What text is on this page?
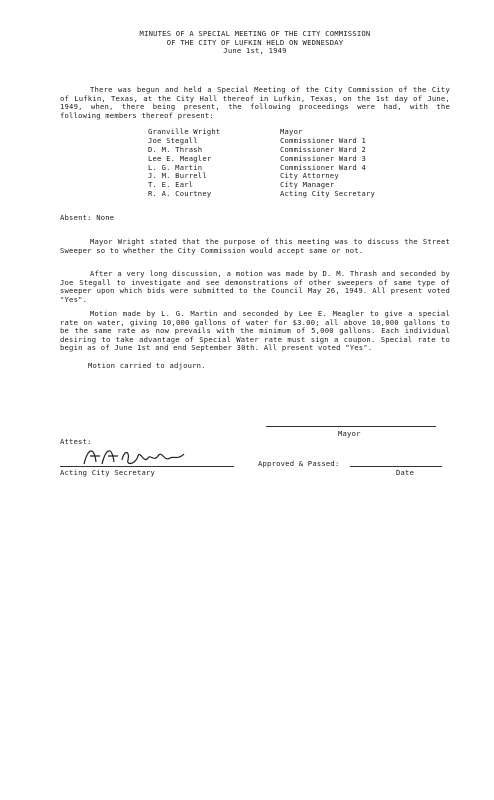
MINUTES OF A SPECIAL MEETING OF THE CITY COMMISSION
OF THE CITY OF LUFKIN HELD ON WEDNESDAY
June 1st, 1949
There was begun and held a Special Meeting of the City Commission of the City of Lufkin, Texas, at the City Hall thereof in Lufkin, Texas, on the 1st day of June, 1949, when, there being present, the following proceedings were had, with the following members thereof present:
Granville Wright	Mayor
Joe Stegall	Commissioner Ward 1
D. M. Thrash	Commissioner Ward 2
Lee E. Meagler	Commissioner Ward 3
L. G. Martin	Commissioner Ward 4
J. M. Burrell	City Attorney
T. E. Earl	City Manager
R. A. Courtney	Acting City Secretary
Absent: None
Mayor Wright stated that the purpose of this meeting was to discuss the Street Sweeper so to whether the City Commission would accept same or not.
After a very long discussion, a motion was made by D. M. Thrash and seconded by Joe Stegall to investigate and see demonstrations of other sweepers of same type of sweeper upon which bids were submitted to the Council May 26, 1949. All present voted "Yes".
Motion made by L. G. Martin and seconded by Lee E. Meagler to give a special rate on water, giving 10,000 gallons of water for $3.00; all above 10,000 gallons to be the same rate as now prevails with the minimum of 5,000 gallons. Each individual desiring to take advantage of Special Water rate must sign a coupon. Special rate to begin as of June 1st and end September 30th. All present voted "Yes".
Motion carried to adjourn.
Mayor
Attest:
Acting City Secretary
Approved & Passed:
Date
